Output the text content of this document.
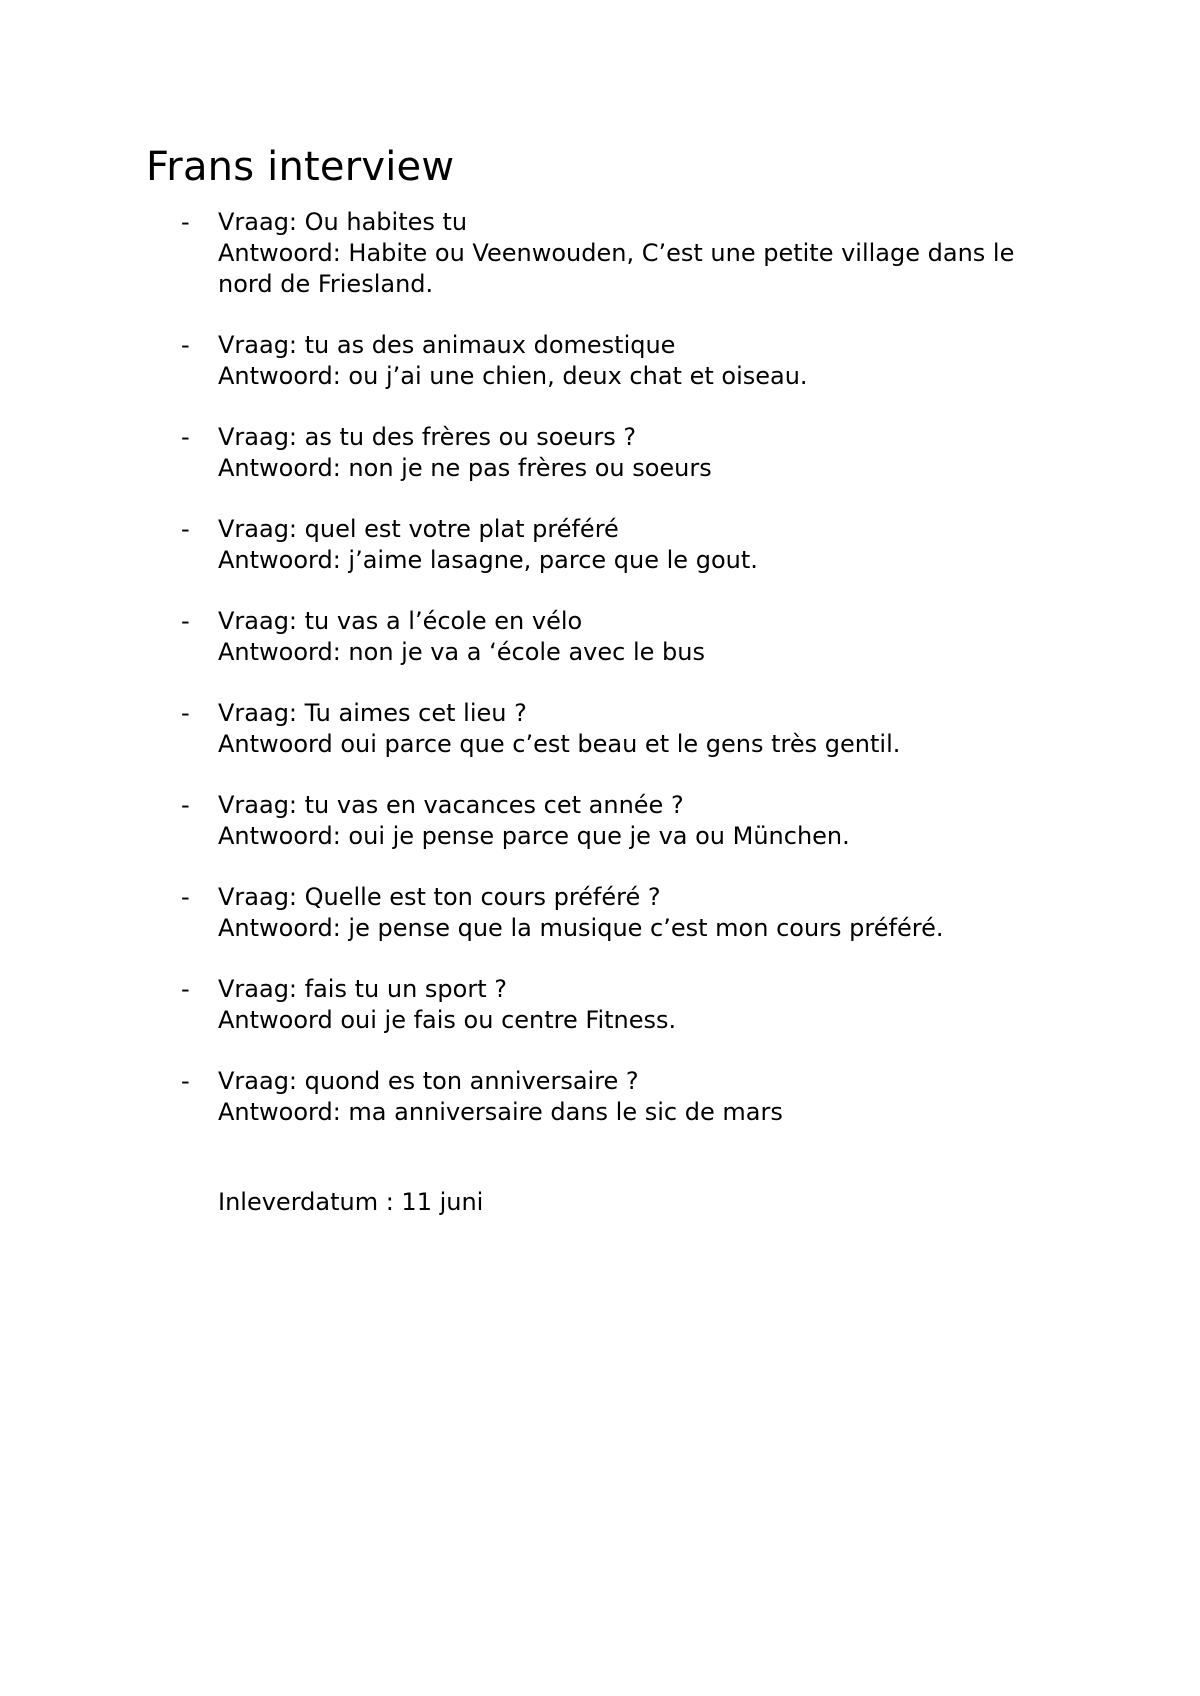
Frans interview
- Vraag: Ou habites tu
Antwoord: Habite ou Veenwouden, C’est une petite village dans le nord de Friesland.
- Vraag: tu as des animaux domestique
Antwoord: ou j’ai une chien, deux chat et oiseau.
- Vraag: as tu des frères ou soeurs ?
Antwoord: non je ne pas frères ou soeurs
- Vraag: quel est votre plat préféré
Antwoord: j’aime lasagne, parce que le gout.
- Vraag: tu vas a l’école en vélo
Antwoord: non je va a ‘école avec le bus
- Vraag: Tu aimes cet lieu ?
Antwoord oui parce que c’est beau et le gens très gentil.
- Vraag: tu vas en vacances cet année ?
Antwoord: oui je pense parce que je va ou München.
- Vraag: Quelle est ton cours préféré ?
Antwoord: je pense que la musique c’est mon cours préféré.
- Vraag: fais tu un sport ?
Antwoord oui je fais ou centre Fitness.
- Vraag: quond es ton anniversaire ?
Antwoord: ma anniversaire dans le sic de mars

Inleverdatum : 11 juni
